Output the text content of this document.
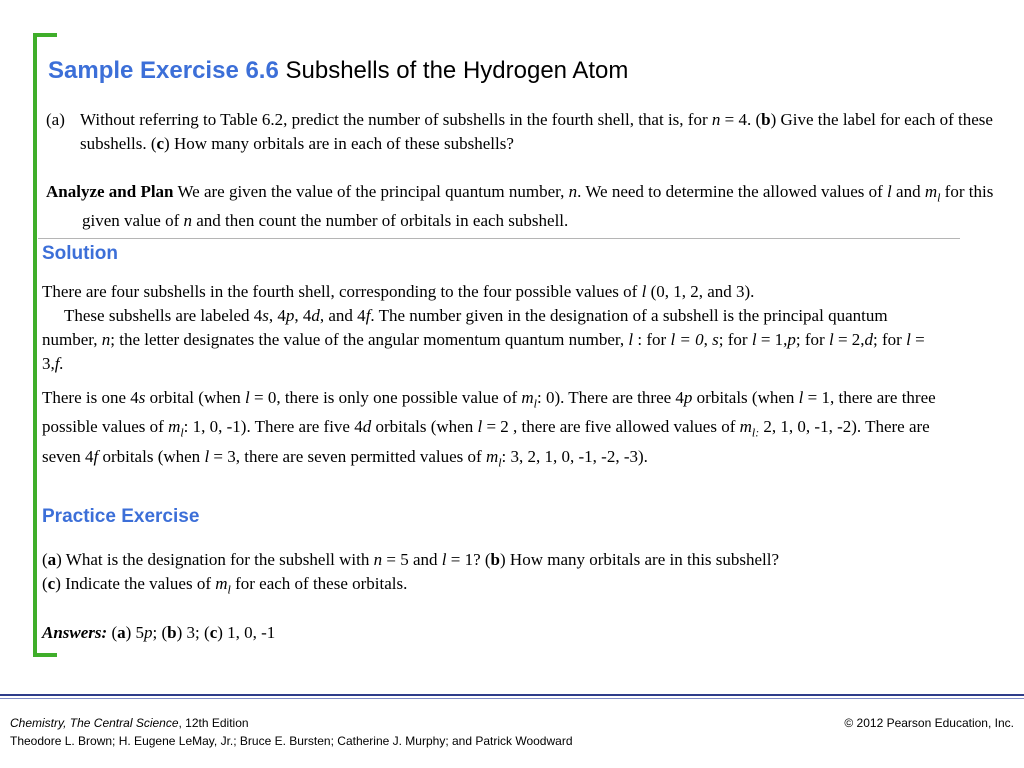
Sample Exercise 6.6 Subshells of the Hydrogen Atom

(a) Without referring to Table 6.2, predict the number of subshells in the fourth shell, that is, for n = 4. (b) Give the label for each of these subshells. (c) How many orbitals are in each of these subshells?

Analyze and Plan We are given the value of the principal quantum number, n. We need to determine the allowed values of l and $m_l$ for this given value of n and then count the number of orbitals in each subshell.

Solution

There are four subshells in the fourth shell, corresponding to the four possible values of l (0, 1, 2, and 3).
These subshells are labeled 4s, 4p, 4d, and 4f. The number given in the designation of a subshell is the principal quantum number, n; the letter designates the value of the angular momentum quantum number, l : for l = 0, s; for l = 1,p; for l = 2,d; for l = 3,f.

There is one 4s orbital (when l = 0, there is only one possible value of $m_l$: 0). There are three 4p orbitals (when l = 1, there are three possible values of $m_l$: 1, 0, -1). There are five 4d orbitals (when l = 2 , there are five allowed values of $m_{l:}$ 2, 1, 0, -1, -2). There are seven 4f orbitals (when l = 3, there are seven permitted values of $m_l$: 3, 2, 1, 0, -1, -2, -3).

Practice Exercise

(a) What is the designation for the subshell with n = 5 and l = 1? (b) How many orbitals are in this subshell?
(c) Indicate the values of $m_l$ for each of these orbitals.

Answers: (a) 5p; (b) 3; (c) 1, 0, -1

Chemistry, The Central Science, 12th Edition
Theodore L. Brown; H. Eugene LeMay, Jr.; Bruce E. Bursten; Catherine J. Murphy; and Patrick Woodward
© 2012 Pearson Education, Inc.
